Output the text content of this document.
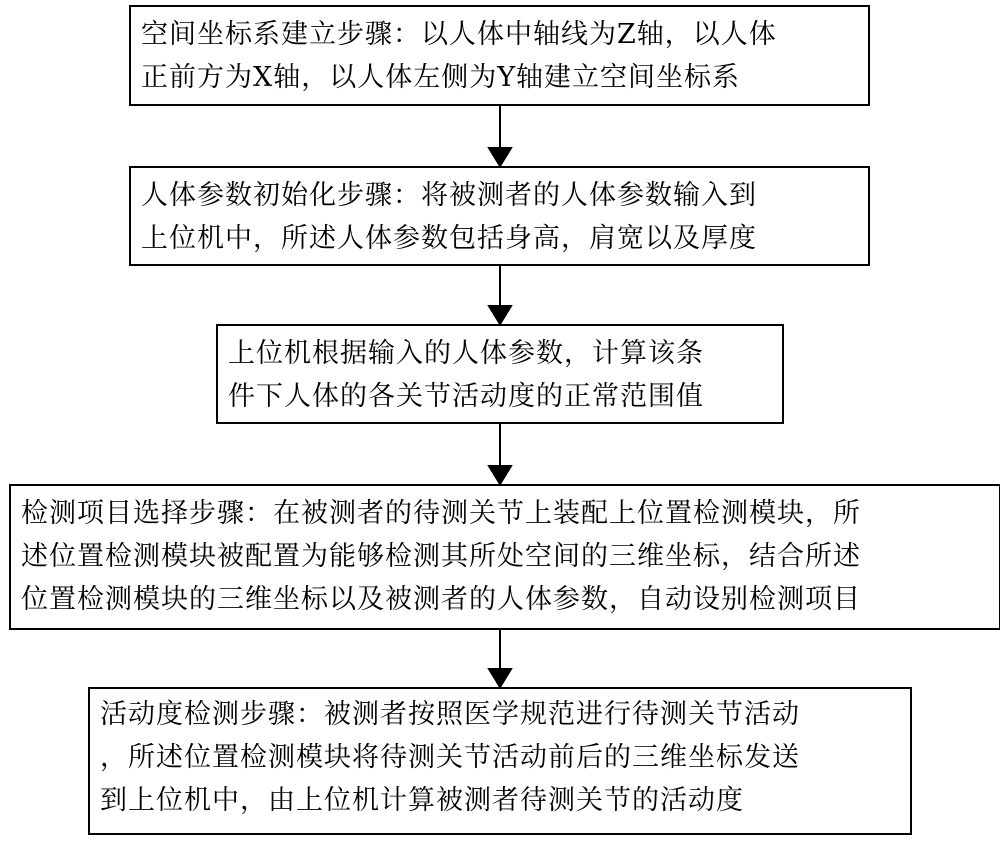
空间坐标系建立步骤：以人体中轴线为Z轴，以人体
正前方为X轴，以人体左侧为Y轴建立空间坐标系
人体参数初始化步骤：将被测者的人体参数输入到
上位机中，所述人体参数包括身高，肩宽以及厚度
上位机根据输入的人体参数，计算该条
件下人体的各关节活动度的正常范围值
检测项目选择步骤：在被测者的待测关节上装配上位置检测模块，所
述位置检测模块被配置为能够检测其所处空间的三维坐标，结合所述
位置检测模块的三维坐标以及被测者的人体参数，自动设别检测项目
活动度检测步骤：被测者按照医学规范进行待测关节活动
，所述位置检测模块将待测关节活动前后的三维坐标发送
到上位机中，由上位机计算被测者待测关节的活动度
